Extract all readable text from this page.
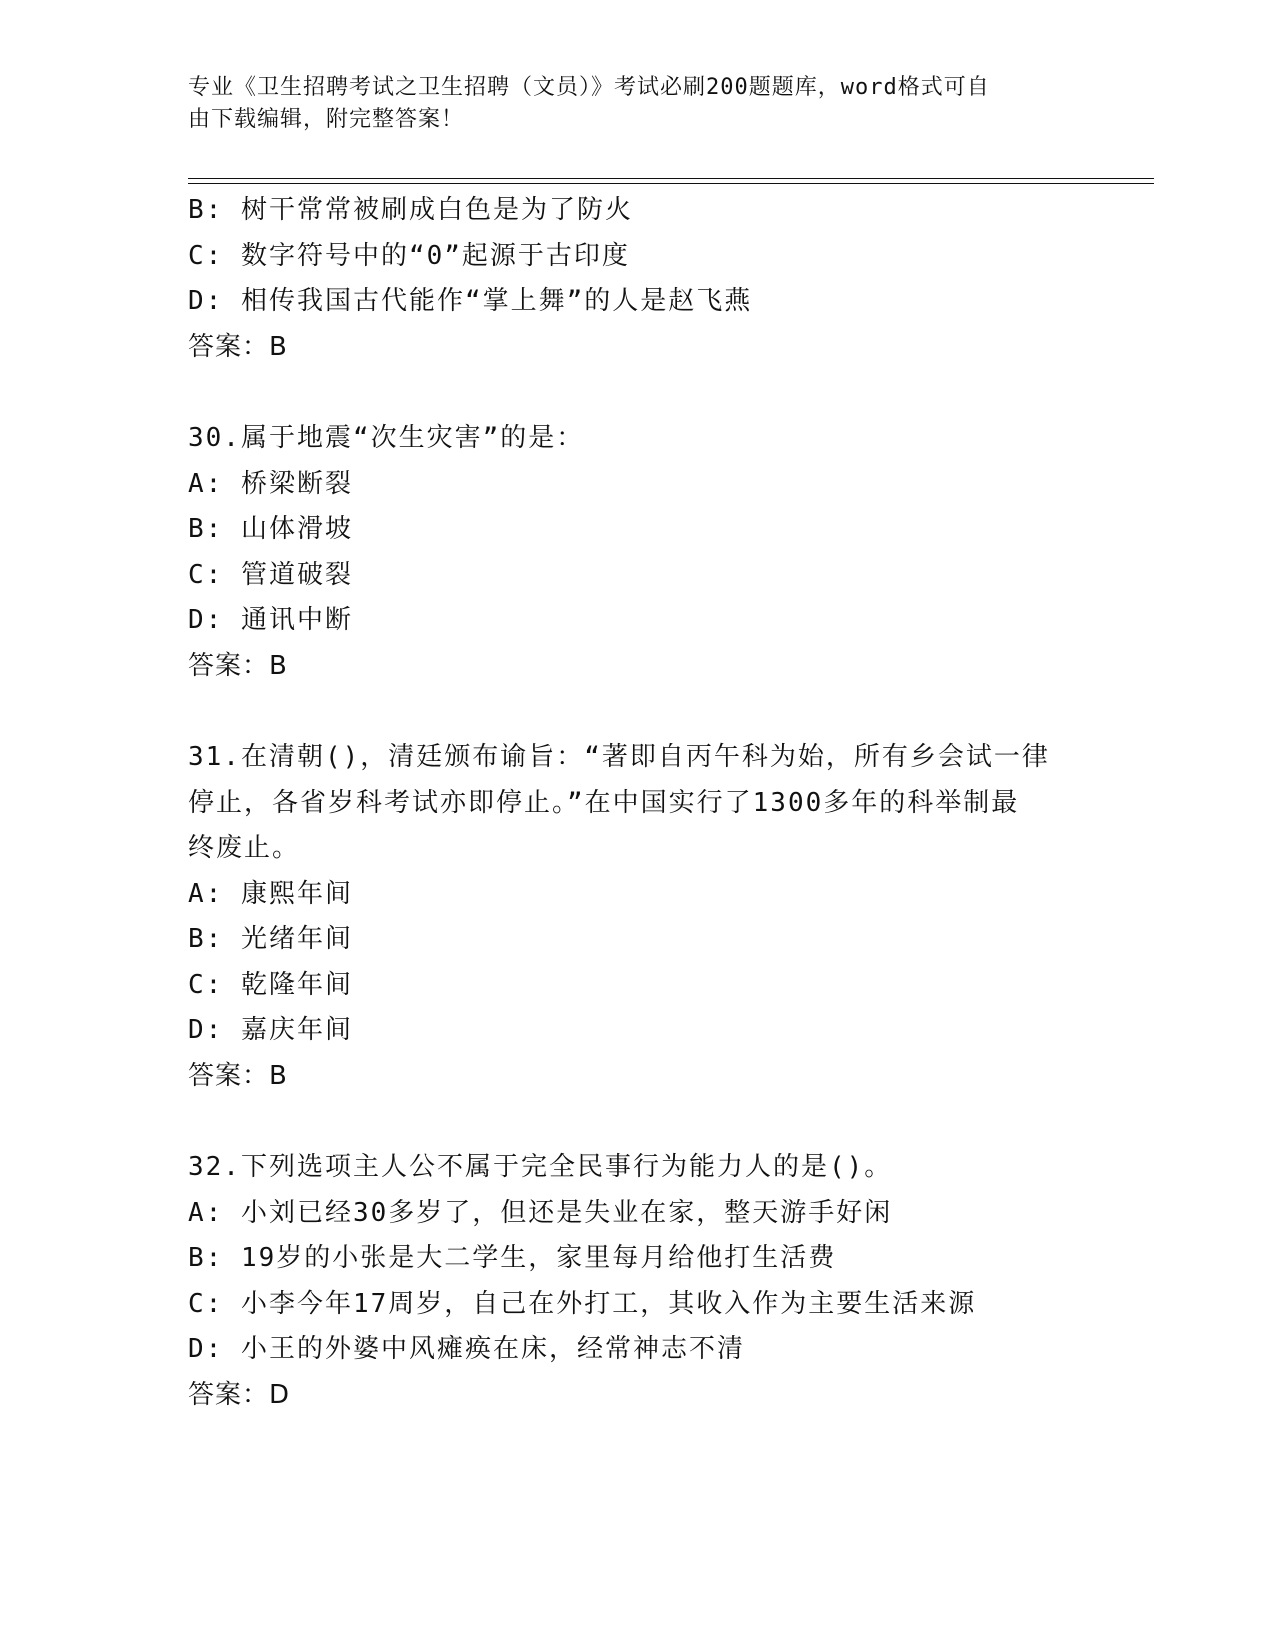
专业《卫生招聘考试之卫生招聘（文员）》考试必刷200题题库，word格式可自
由下载编辑，附完整答案！
B: 树干常常被刷成白色是为了防火
C: 数字符号中的“0”起源于古印度
D: 相传我国古代能作“掌上舞”的人是赵飞燕
答案：B
30.属于地震“次生灾害”的是：
A: 桥梁断裂
B: 山体滑坡
C: 管道破裂
D: 通讯中断
答案：B
31.在清朝()，清廷颁布谕旨：“著即自丙午科为始，所有乡会试一律
停止，各省岁科考试亦即停止。”在中国实行了1300多年的科举制最
终废止。
A: 康熙年间
B: 光绪年间
C: 乾隆年间
D: 嘉庆年间
答案：B
32.下列选项主人公不属于完全民事行为能力人的是()。
A: 小刘已经30多岁了，但还是失业在家，整天游手好闲
B: 19岁的小张是大二学生，家里每月给他打生活费
C: 小李今年17周岁，自己在外打工，其收入作为主要生活来源
D: 小王的外婆中风瘫痪在床，经常神志不清
答案：D
